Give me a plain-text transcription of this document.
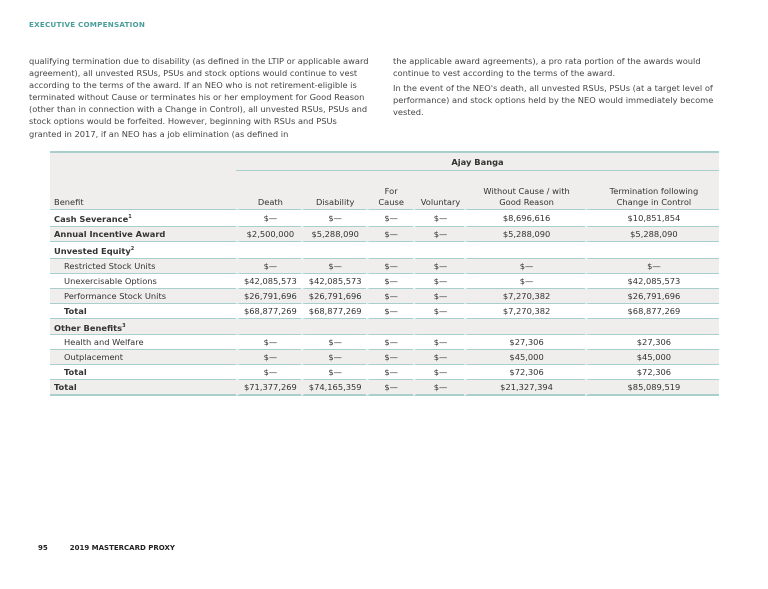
EXECUTIVE COMPENSATION

qualifying termination due to disability (as defined in the LTIP or applicable award agreement), all unvested RSUs, PSUs and stock options would continue to vest according to the terms of the award. If an NEO who is not retirement-eligible is terminated without Cause or terminates his or her employment for Good Reason (other than in connection with a Change in Control), all unvested RSUs, PSUs and stock options would be forfeited. However, beginning with RSUs and PSUs granted in 2017, if an NEO has a job elimination (as defined in

the applicable award agreements), a pro rata portion of the awards would continue to vest according to the terms of the award.

In the event of the NEO's death, all unvested RSUs, PSUs (at a target level of performance) and stock options held by the NEO would immediately become vested.

	Ajay Banga					
Benefit	Death	Disability	For Cause	Voluntary	Without Cause / with Good Reason	Termination following Change in Control
Cash Severance$^1$	$—	$—	$—	$—	$8,696,616	$10,851,854
Annual Incentive Award	$2,500,000	$5,288,090	$—	$—	$5,288,090	$5,288,090
Unvested Equity$^2$						
Restricted Stock Units	$—	$—	$—	$—	$—	$—
Unexercisable Options	$42,085,573	$42,085,573	$—	$—	$—	$42,085,573
Performance Stock Units	$26,791,696	$26,791,696	$—	$—	$7,270,382	$26,791,696
Total	$68,877,269	$68,877,269	$—	$—	$7,270,382	$68,877,269
Other Benefits$^3$						
Health and Welfare	$—	$—	$—	$—	$27,306	$27,306
Outplacement	$—	$—	$—	$—	$45,000	$45,000
Total	$—	$—	$—	$—	$72,306	$72,306
Total	$71,377,269	$74,165,359	$—	$—	$21,327,394	$85,089,519
95	2019 MASTERCARD PROXY
